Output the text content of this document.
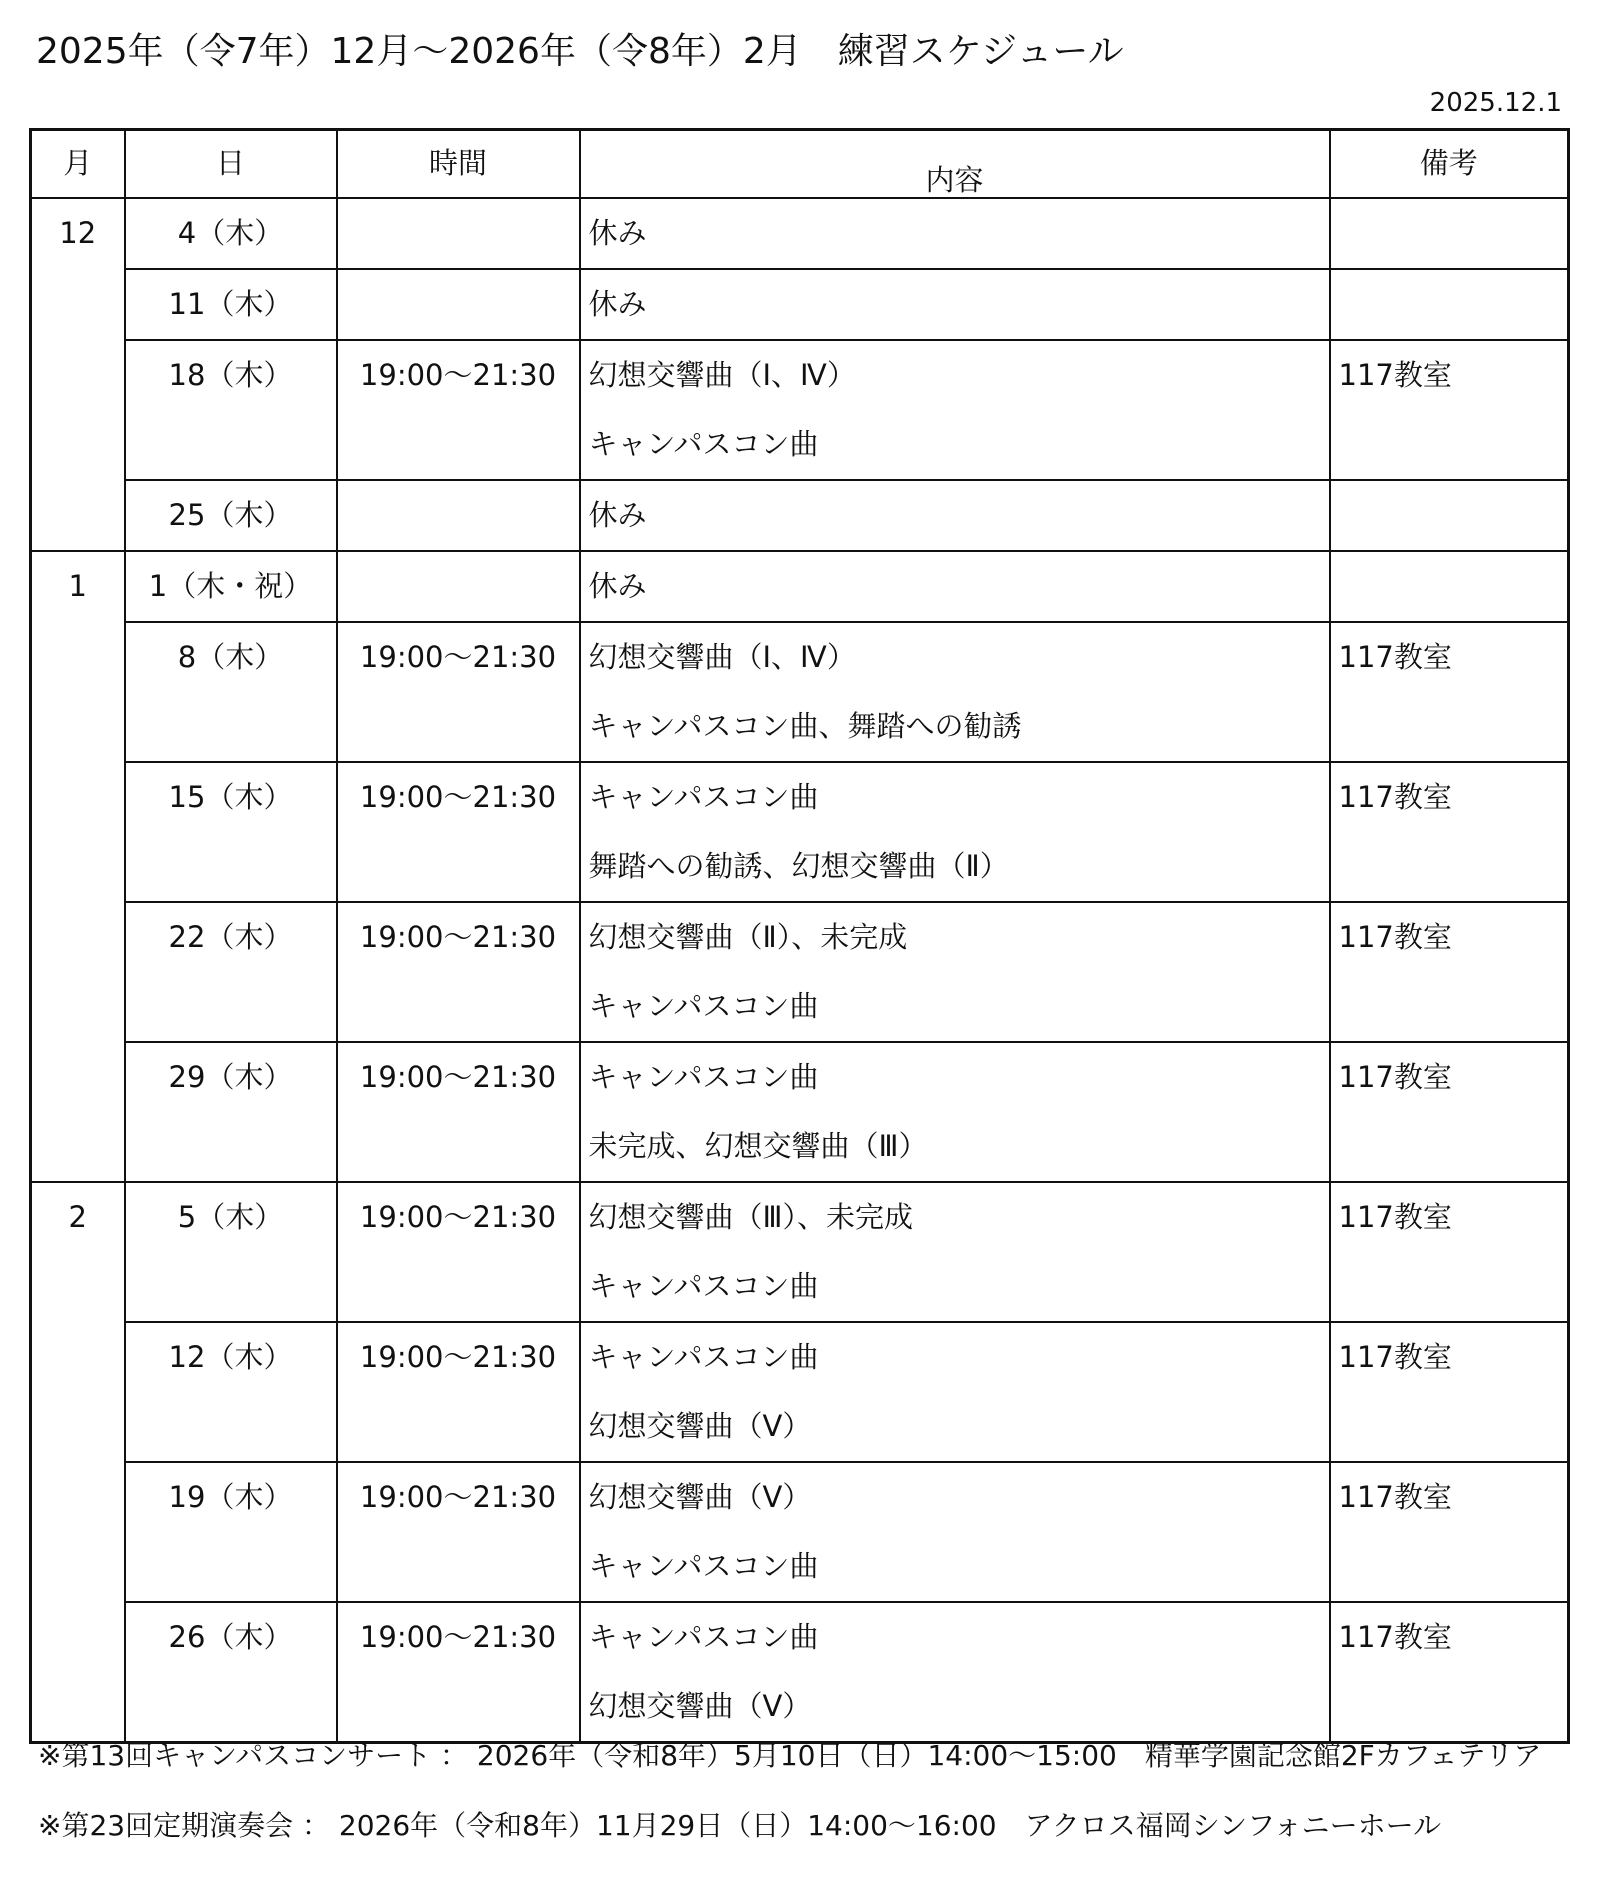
2025年（令7年）12月～2026年（令8年）2月　練習スケジュール
2025.12.1
月	日	時間	内容	備考

12	4（木）		休み	

	11（木）		休み	

	18（木）	19:00～21:30	幻想交響曲（Ⅰ、Ⅳ）
キャンパスコン曲	117教室

	25（木）		休み	

1	1（木・祝）		休み	

	8（木）	19:00～21:30	幻想交響曲（Ⅰ、Ⅳ）
キャンパスコン曲、舞踏への勧誘	117教室

	15（木）	19:00～21:30	キャンパスコン曲
舞踏への勧誘、幻想交響曲（Ⅱ）	117教室

	22（木）	19:00～21:30	幻想交響曲（Ⅱ）、未完成
キャンパスコン曲	117教室

	29（木）	19:00～21:30	キャンパスコン曲
未完成、幻想交響曲（Ⅲ）	117教室

2	5（木）	19:00～21:30	幻想交響曲（Ⅲ）、未完成
キャンパスコン曲	117教室

	12（木）	19:00～21:30	キャンパスコン曲
幻想交響曲（Ⅴ）	117教室

	19（木）	19:00～21:30	幻想交響曲（Ⅴ）
キャンパスコン曲	117教室

	26（木）	19:00～21:30	キャンパスコン曲
幻想交響曲（Ⅴ）	117教室
※第13回キャンパスコンサート ： 2026年（令和8年）5月10日（日）14:00～15:00　精華学園記念館2Fカフェテリア
※第23回定期演奏会 ： 2026年（令和8年）11月29日（日）14:00～16:00　アクロス福岡シンフォニーホール
